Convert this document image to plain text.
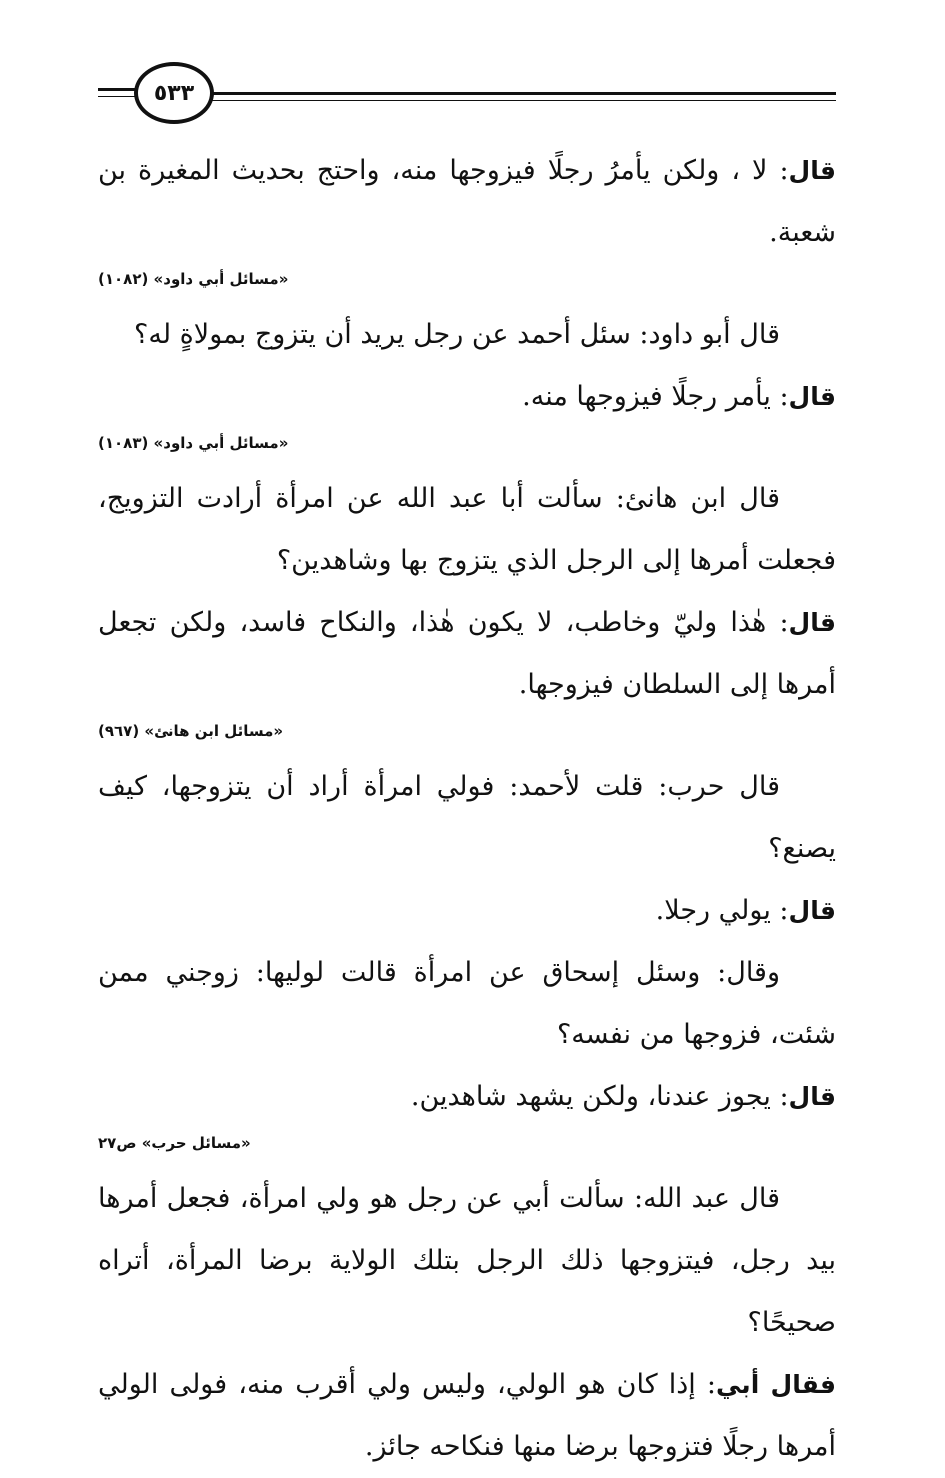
٥٣٣

قال: لا ، ولكن يأمرُ رجلًا فيزوجها منه، واحتج بحديث المغيرة بن شعبة.

«مسائل أبي داود» (١٠٨٢)

قال أبو داود: سئل أحمد عن رجل يريد أن يتزوج بمولاةٍ له؟

قال: يأمر رجلًا فيزوجها منه.

«مسائل أبي داود» (١٠٨٣)

قال ابن هانئ: سألت أبا عبد الله عن امرأة أرادت التزويج، فجعلت أمرها إلى الرجل الذي يتزوج بها وشاهدين؟

قال: هٰذا وليّ وخاطب، لا يكون هٰذا، والنكاح فاسد، ولكن تجعل أمرها إلى السلطان فيزوجها.

«مسائل ابن هانئ» (٩٦٧)

قال حرب: قلت لأحمد: فولي امرأة أراد أن يتزوجها، كيف يصنع؟

قال: يولي رجلا.

وقال: وسئل إسحاق عن امرأة قالت لوليها: زوجني ممن شئت، فزوجها من نفسه؟

قال: يجوز عندنا، ولكن يشهد شاهدين.

«مسائل حرب» ص٢٧

قال عبد الله: سألت أبي عن رجل هو ولي امرأة، فجعل أمرها بيد رجل، فيتزوجها ذلك الرجل بتلك الولاية برضا المرأة، أتراه صحيحًا؟

فقال أبي: إذا كان هو الولي، وليس ولي أقرب منه، فولى الولي أمرها رجلًا فتزوجها برضا منها فنكاحه جائز.
